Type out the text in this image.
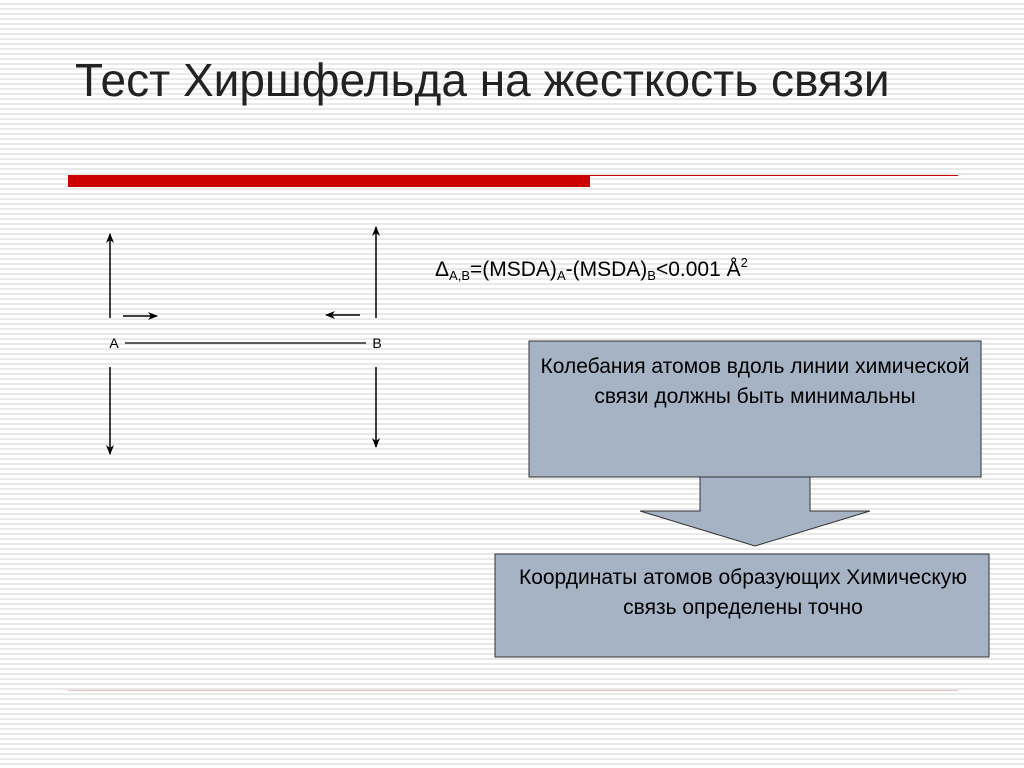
Тест Хиршфельда на жесткость связи
A	B
$\Delta_{A,B}=(MSDA)_A-(MSDA)_B<0.001$ $Å^2$
Колебания атомов вдоль линии химической связи должны быть минимальны
Координаты атомов образующих Химическую связь определены точно
